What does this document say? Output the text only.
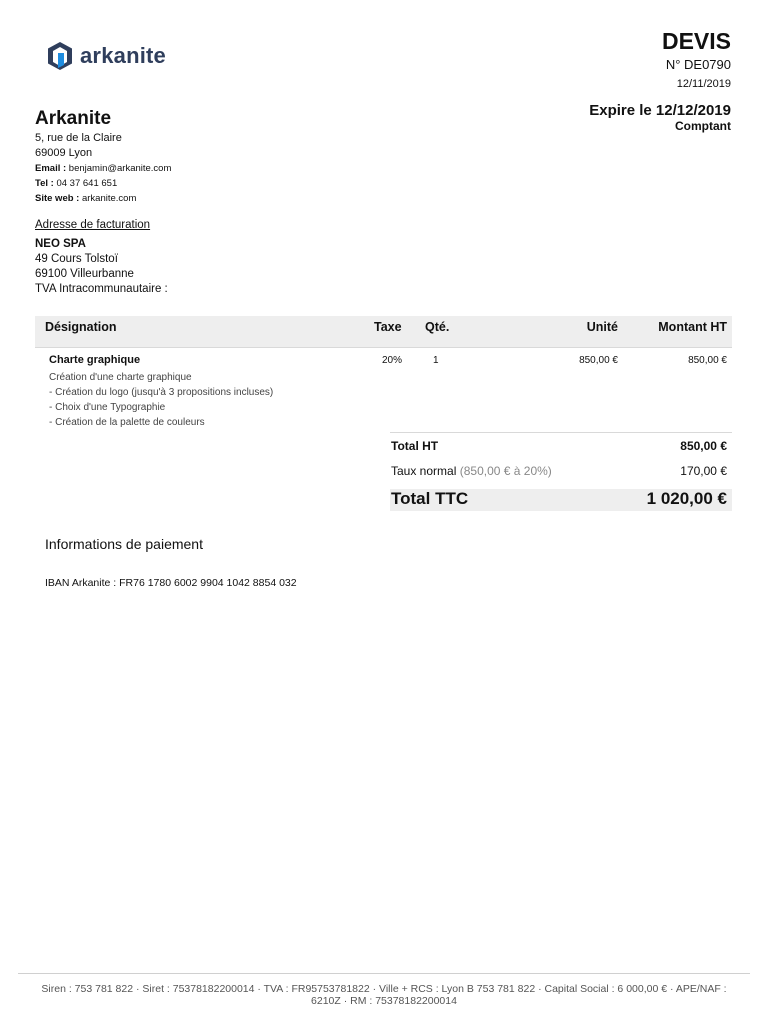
arkanite
DEVIS
N° DE0790
12/11/2019
Expire le 12/12/2019
Comptant
Arkanite
5, rue de la Claire
69009 Lyon
Email : benjamin@arkanite.com
Tel : 04 37 641 651
Site web : arkanite.com
Adresse de facturation
NEO SPA
49 Cours Tolstoï
69100 Villeurbanne
TVA Intracommunautaire :
Désignation	Taxe Qté.	Unité	Montant HT
Charte graphique
Création d'une charte graphique
- Création du logo (jusqu'à 3 propositions incluses)
- Choix d'une Typographie
- Création de la palette de couleurs
20%	1	850,00 €	850,00 €
Total HT	850,00 €
Taux normal (850,00 € à 20%)	170,00 €
Total TTC	1 020,00 €
Informations de paiement
IBAN Arkanite : FR76 1780 6002 9904 1042 8854 032
Siren : 753 781 822 · Siret : 75378182200014 · TVA : FR95753781822 · Ville + RCS : Lyon B 753 781 822 · Capital Social : 6 000,00 € · APE/NAF :
6210Z · RM : 75378182200014
